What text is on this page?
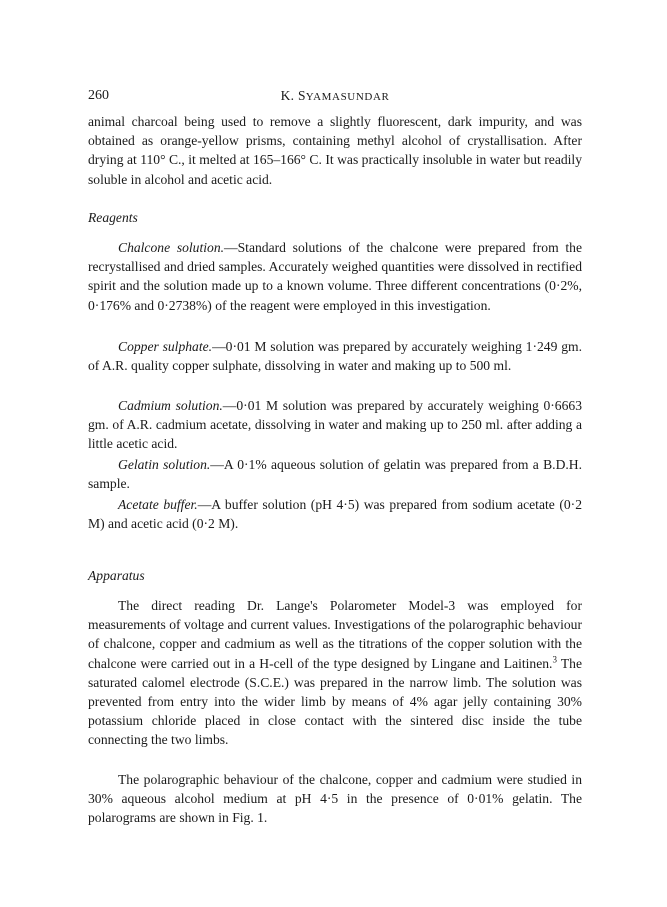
260	K. SYAMASUNDAR

animal charcoal being used to remove a slightly fluorescent, dark impurity, and was obtained as orange-yellow prisms, containing methyl alcohol of crystallisation. After drying at 110° C., it melted at 165–166° C. It was practically insoluble in water but readily soluble in alcohol and acetic acid.

Reagents

Chalcone solution.—Standard solutions of the chalcone were prepared from the recrystallised and dried samples. Accurately weighed quantities were dissolved in rectified spirit and the solution made up to a known volume. Three different concentrations (0·2%, 0·176% and 0·2738%) of the reagent were employed in this investigation.

Copper sulphate.—0·01 M solution was prepared by accurately weighing 1·249 gm. of A.R. quality copper sulphate, dissolving in water and making up to 500 ml.

Cadmium solution.—0·01 M solution was prepared by accurately weighing 0·6663 gm. of A.R. cadmium acetate, dissolving in water and making up to 250 ml. after adding a little acetic acid.

Gelatin solution.—A 0·1% aqueous solution of gelatin was prepared from a B.D.H. sample.

Acetate buffer.—A buffer solution (pH 4·5) was prepared from sodium acetate (0·2 M) and acetic acid (0·2 M).

Apparatus

The direct reading Dr. Lange's Polarometer Model-3 was employed for measurements of voltage and current values. Investigations of the polarographic behaviour of chalcone, copper and cadmium as well as the titrations of the copper solution with the chalcone were carried out in a H-cell of the type designed by Lingane and Laitinen.$^3$ The saturated calomel electrode (S.C.E.) was prepared in the narrow limb. The solution was prevented from entry into the wider limb by means of 4% agar jelly containing 30% potassium chloride placed in close contact with the sintered disc inside the tube connecting the two limbs.

The polarographic behaviour of the chalcone, copper and cadmium were studied in 30% aqueous alcohol medium at pH 4·5 in the presence of 0·01% gelatin. The polarograms are shown in Fig. 1.
